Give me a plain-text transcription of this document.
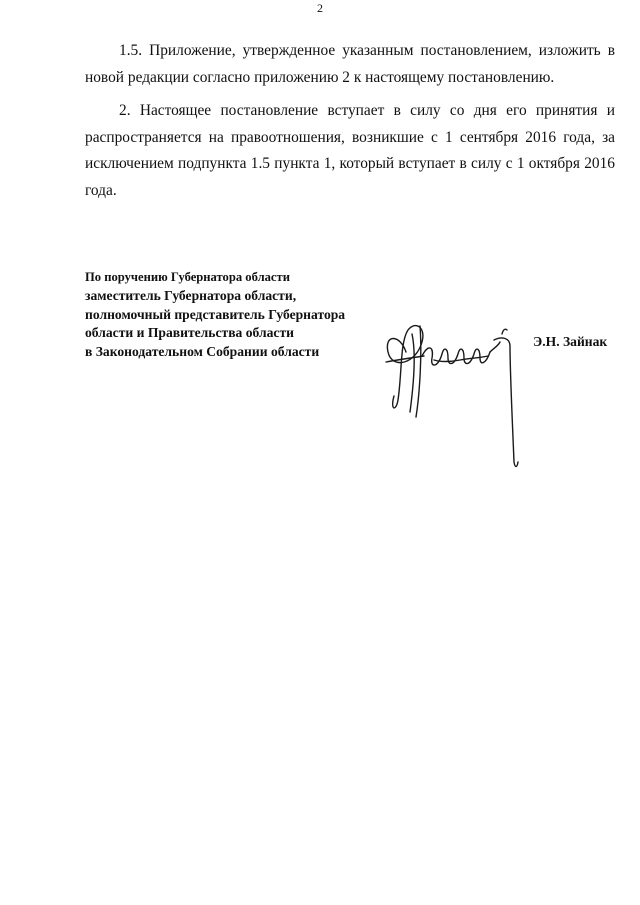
2

1.5. Приложение, утвержденное указанным постановлением, изложить в новой редакции согласно приложению 2 к настоящему постановлению.

2. Настоящее постановление вступает в силу со дня его принятия и распространяется на правоотношения, возникшие с 1 сентября 2016 года, за исключением подпункта 1.5 пункта 1, который вступает в силу с 1 октября 2016 года.

По поручению Губернатора области
заместитель Губернатора области,
полномочный представитель Губернатора
области и Правительства области
в Законодательном Собрании области
Э.Н. Зайнак
